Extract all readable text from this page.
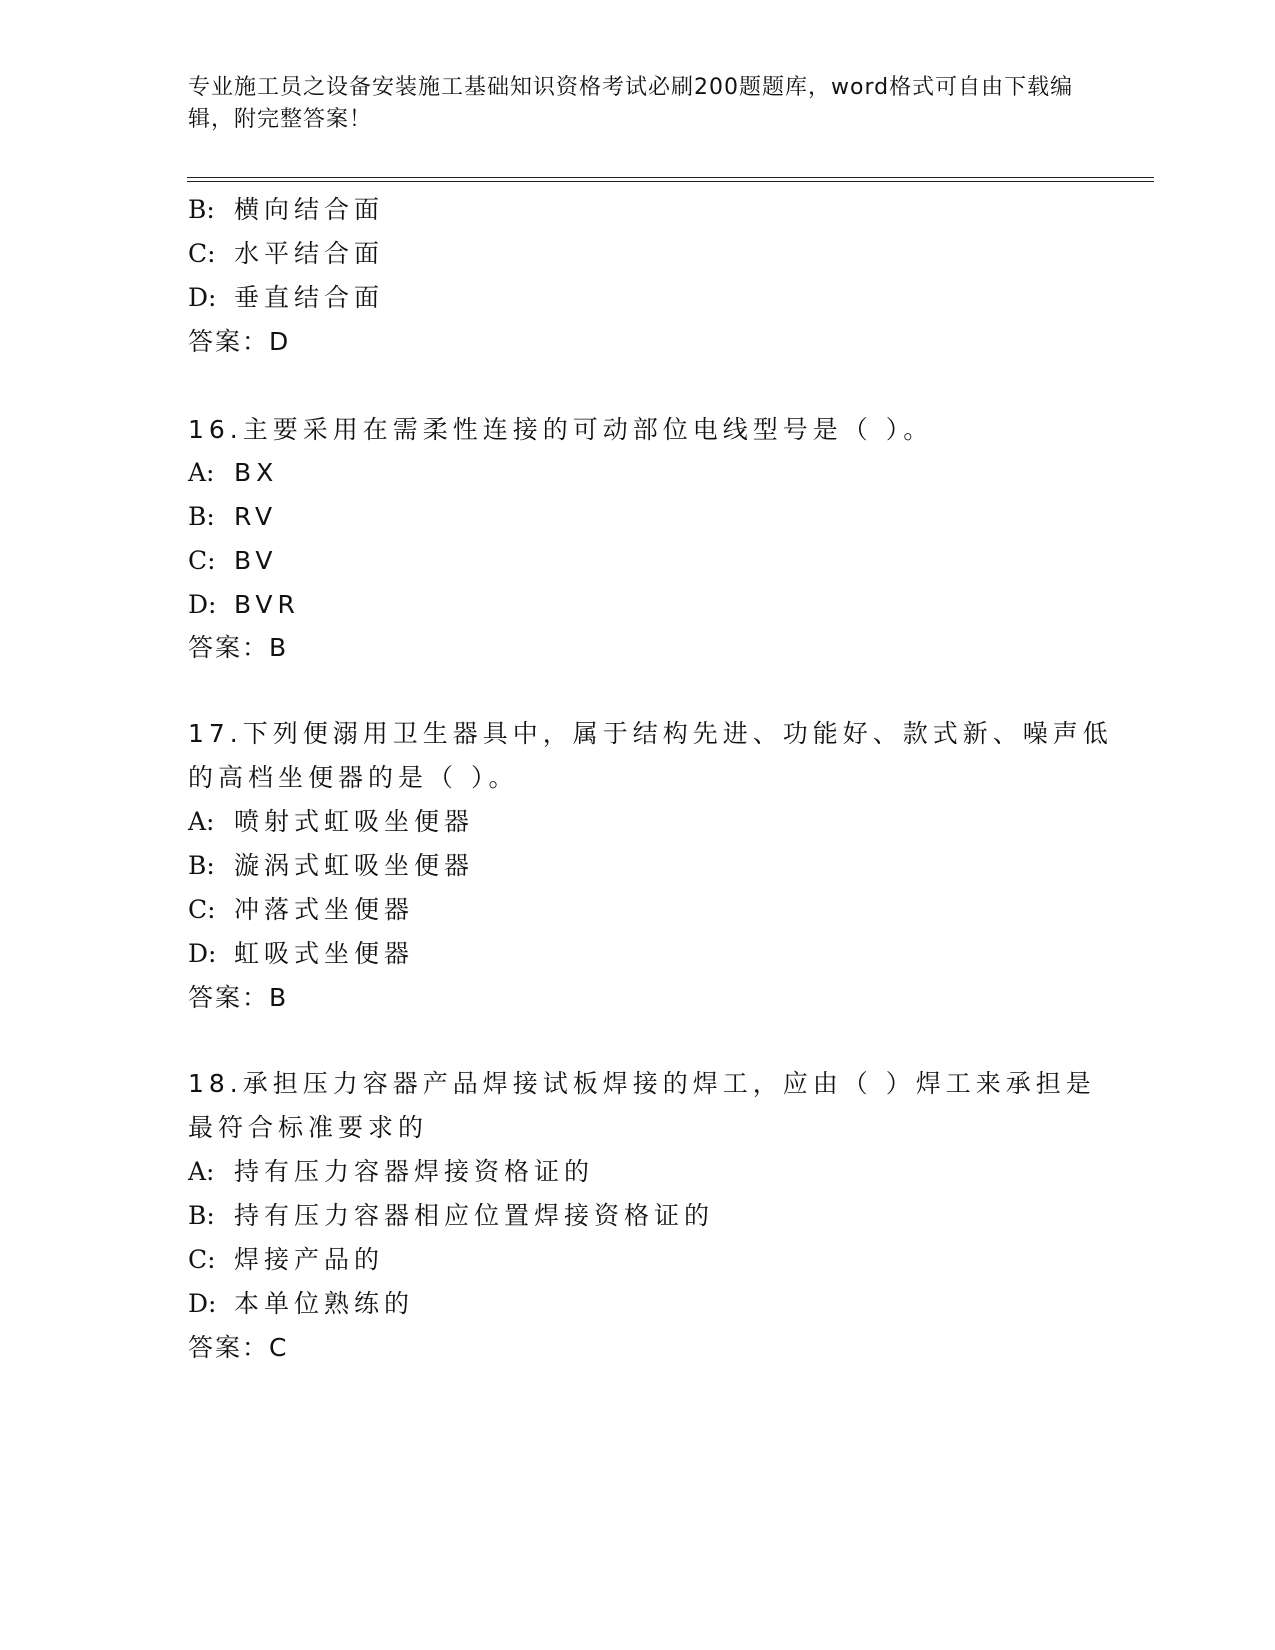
专业施工员之设备安装施工基础知识资格考试必刷200题题库，word格式可自由下载编辑，附完整答案！
B: 横向结合面
C: 水平结合面
D: 垂直结合面
答案：D
16.主要采用在需柔性连接的可动部位电线型号是（ ）。
A: BX
B: RV
C: BV
D: BVR
答案：B
17.下列便溺用卫生器具中，属于结构先进、功能好、款式新、噪声低
的高档坐便器的是（ ）。
A: 喷射式虹吸坐便器
B: 漩涡式虹吸坐便器
C: 冲落式坐便器
D: 虹吸式坐便器
答案：B
18.承担压力容器产品焊接试板焊接的焊工，应由（ ）焊工来承担是
最符合标准要求的
A: 持有压力容器焊接资格证的
B: 持有压力容器相应位置焊接资格证的
C: 焊接产品的
D: 本单位熟练的
答案：C
